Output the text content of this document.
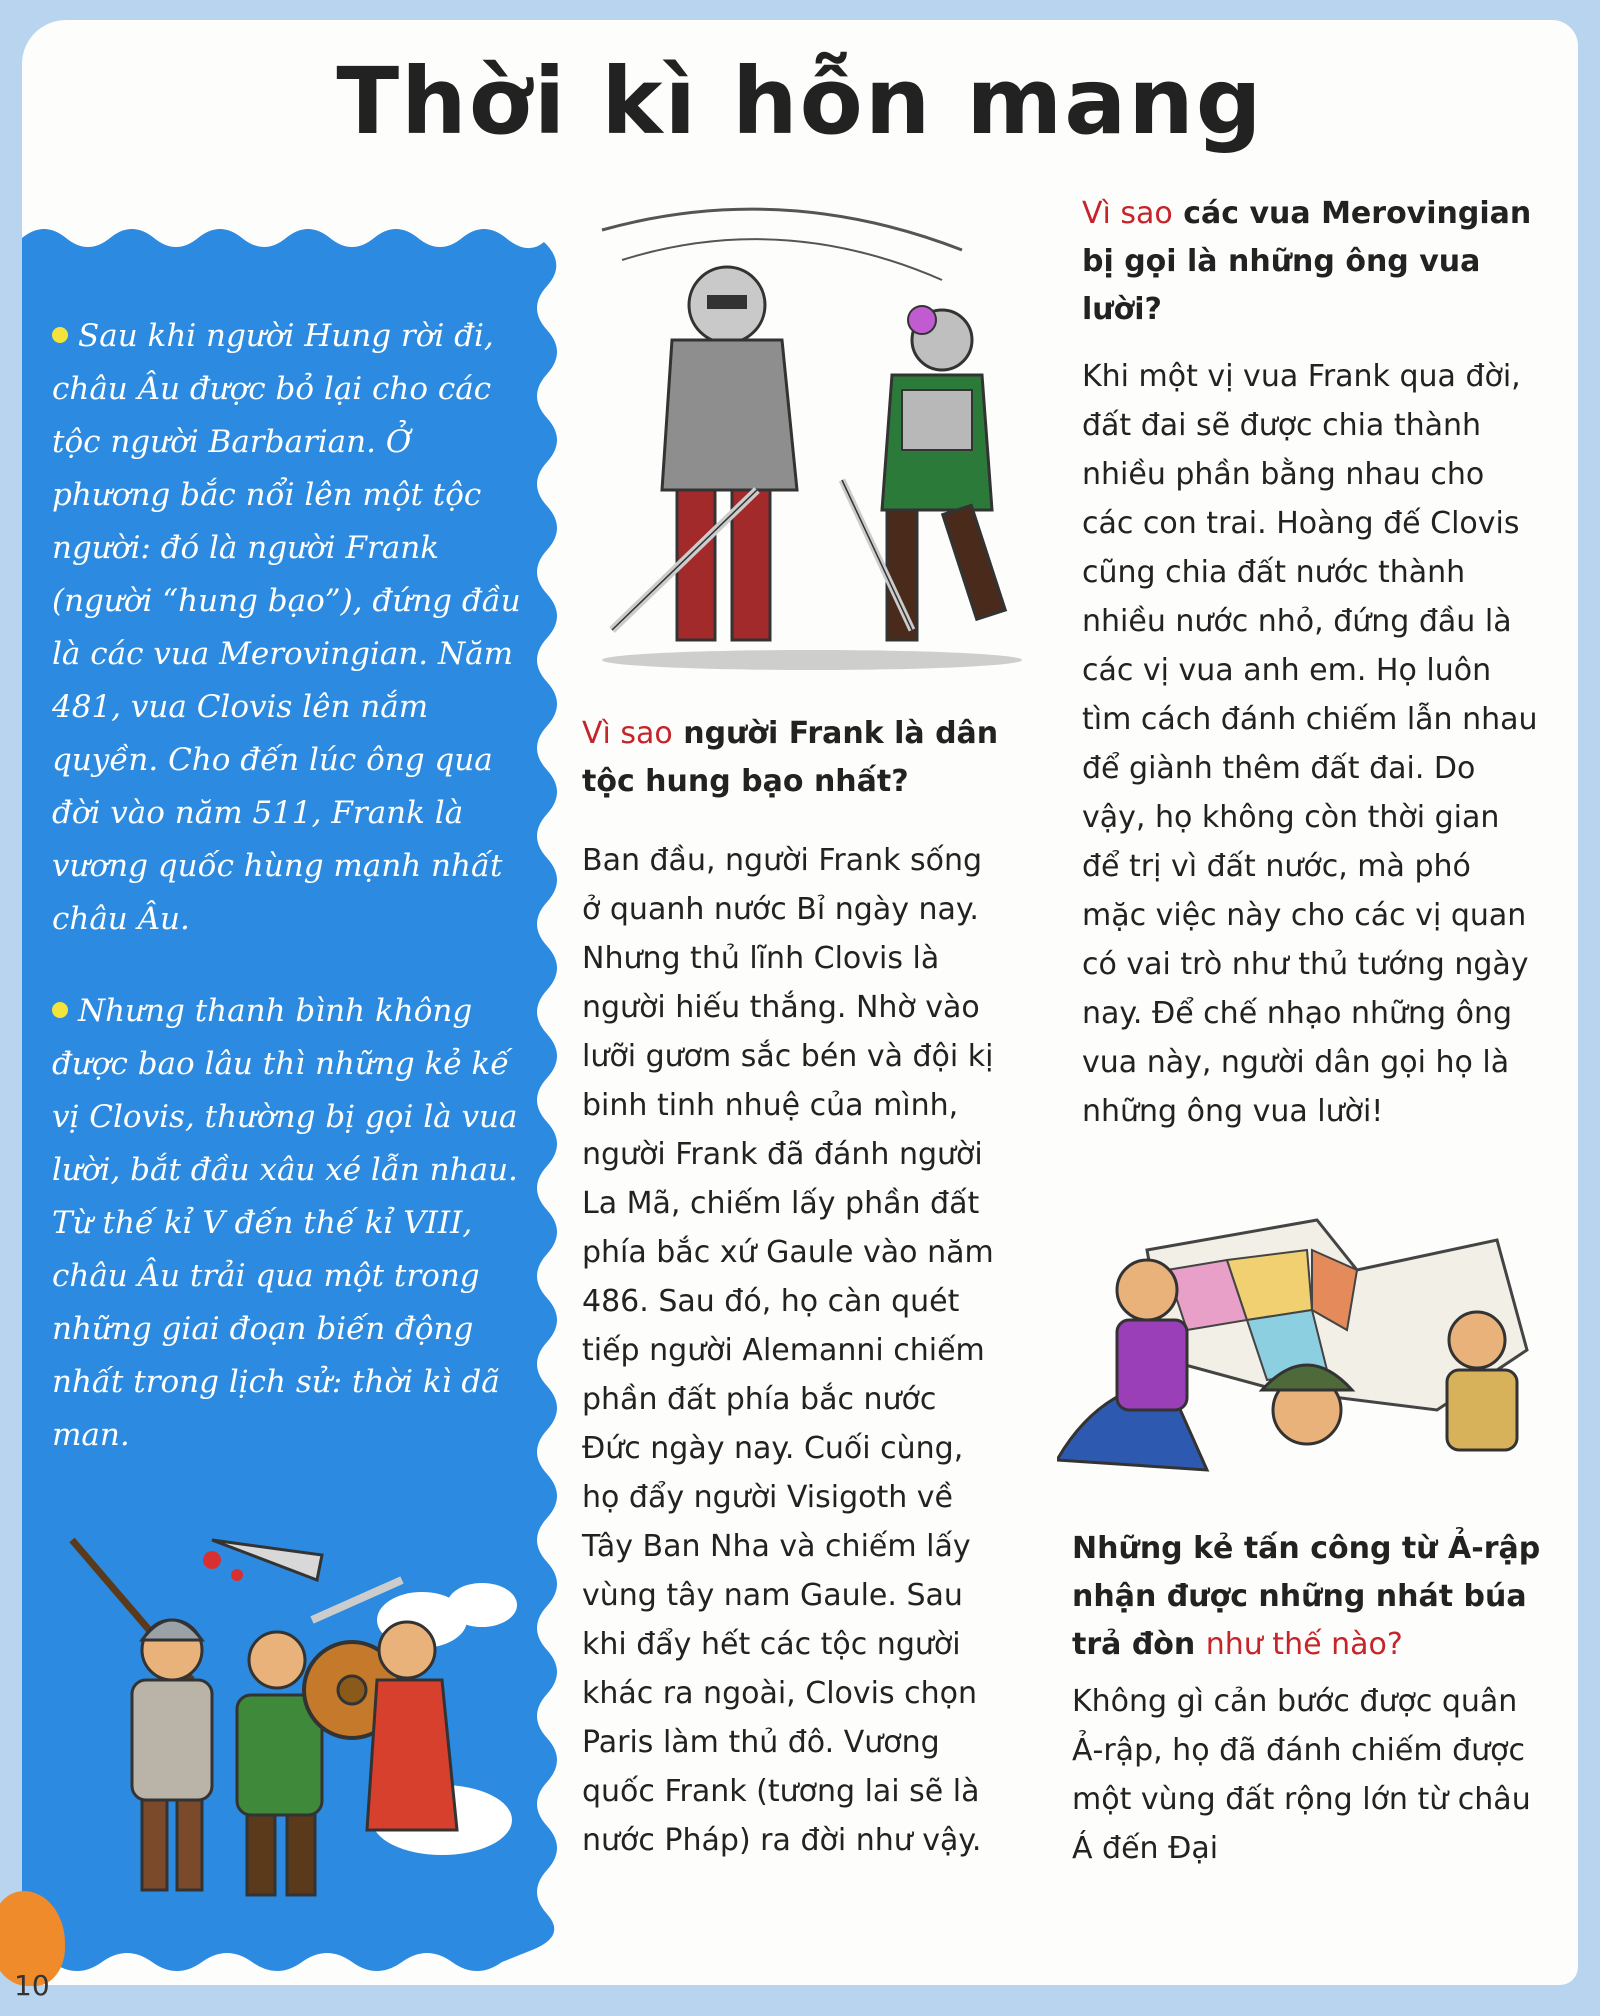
Thời kì hỗn mang
Sau khi người Hung rời đi, châu Âu được bỏ lại cho các tộc người Barbarian. Ở phương bắc nổi lên một tộc người: đó là người Frank (người “hung bạo”), đứng đầu là các vua Merovingian. Năm 481, vua Clovis lên nắm quyền. Cho đến lúc ông qua đời vào năm 511, Frank là vương quốc hùng mạnh nhất châu Âu.
Nhưng thanh bình không được bao lâu thì những kẻ kế vị Clovis, thường bị gọi là vua lười, bắt đầu xâu xé lẫn nhau. Từ thế kỉ V đến thế kỉ VIII, châu Âu trải qua một trong những giai đoạn biến động nhất trong lịch sử: thời kì dã man.
Vì sao người Frank là dân tộc hung bạo nhất?
Ban đầu, người Frank sống ở quanh nước Bỉ ngày nay. Nhưng thủ lĩnh Clovis là người hiếu thắng. Nhờ vào lưỡi gươm sắc bén và đội kị binh tinh nhuệ của mình, người Frank đã đánh người La Mã, chiếm lấy phần đất phía bắc xứ Gaule vào năm 486. Sau đó, họ càn quét tiếp người Alemanni chiếm phần đất phía bắc nước Đức ngày nay. Cuối cùng, họ đẩy người Visigoth về Tây Ban Nha và chiếm lấy vùng tây nam Gaule. Sau khi đẩy hết các tộc người khác ra ngoài, Clovis chọn Paris làm thủ đô. Vương quốc Frank (tương lai sẽ là nước Pháp) ra đời như vậy.
Vì sao các vua Merovingian bị gọi là những ông vua lười?
Khi một vị vua Frank qua đời, đất đai sẽ được chia thành nhiều phần bằng nhau cho các con trai. Hoàng đế Clovis cũng chia đất nước thành nhiều nước nhỏ, đứng đầu là các vị vua anh em. Họ luôn tìm cách đánh chiếm lẫn nhau để giành thêm đất đai. Do vậy, họ không còn thời gian để trị vì đất nước, mà phó mặc việc này cho các vị quan có vai trò như thủ tướng ngày nay. Để chế nhạo những ông vua này, người dân gọi họ là những ông vua lười!
Những kẻ tấn công từ Ả-rập nhận được những nhát búa trả đòn như thế nào?
Không gì cản bước được quân Ả-rập, họ đã đánh chiếm được một vùng đất rộng lớn từ châu Á đến Đại
10
